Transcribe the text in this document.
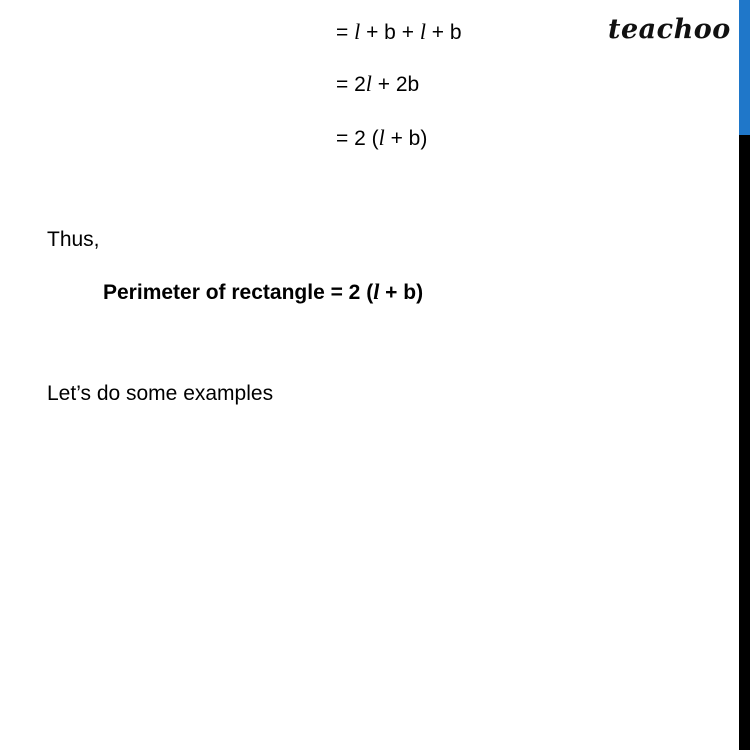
teachoo
= l + b + l + b
= 2l + 2b
= 2 (l + b)
Thus,
Perimeter of rectangle = 2 (l + b)
Let’s do some examples
